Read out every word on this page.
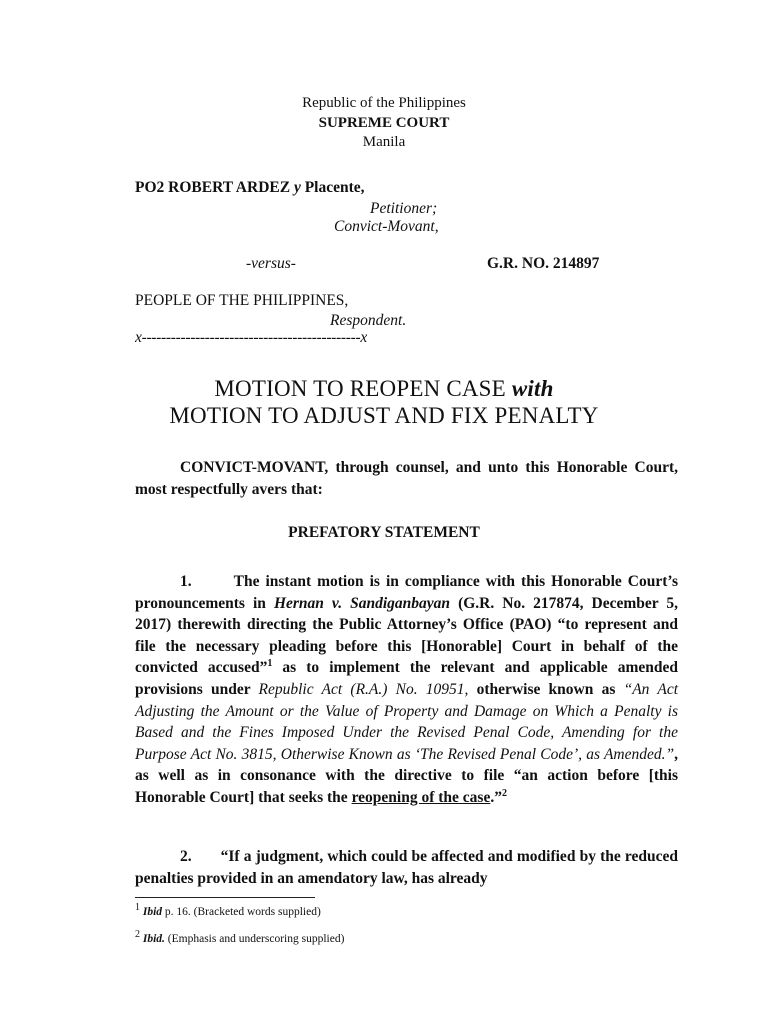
Republic of the Philippines
SUPREME COURT
Manila
PO2 ROBERT ARDEZ y Placente,
Petitioner;
Convict-Movant,
-versus-	G.R. NO. 214897
PEOPLE OF THE PHILIPPINES,
Respondent.
x---------------------------------------------x
MOTION TO REOPEN CASE with
MOTION TO ADJUST AND FIX PENALTY
CONVICT-MOVANT, through counsel, and unto this Honorable Court, most respectfully avers that:
PREFATORY STATEMENT
1.	The instant motion is in compliance with this Honorable Court’s pronouncements in Hernan v. Sandiganbayan (G.R. No. 217874, December 5, 2017) therewith directing the Public Attorney’s Office (PAO) “to represent and file the necessary pleading before this [Honorable] Court in behalf of the convicted accused”$^1$ as to implement the relevant and applicable amended provisions under Republic Act (R.A.) No. 10951, otherwise known as “An Act Adjusting the Amount or the Value of Property and Damage on Which a Penalty is Based and the Fines Imposed Under the Revised Penal Code, Amending for the Purpose Act No. 3815, Otherwise Known as ‘The Revised Penal Code’, as Amended.”, as well as in consonance with the directive to file “an action before [this Honorable Court] that seeks the reopening of the case.”$^2$
2. “If a judgment, which could be affected and modified by the reduced penalties provided in an amendatory law, has already
$^1$ Ibid p. 16. (Bracketed words supplied)
$^2$ Ibid. (Emphasis and underscoring supplied)
